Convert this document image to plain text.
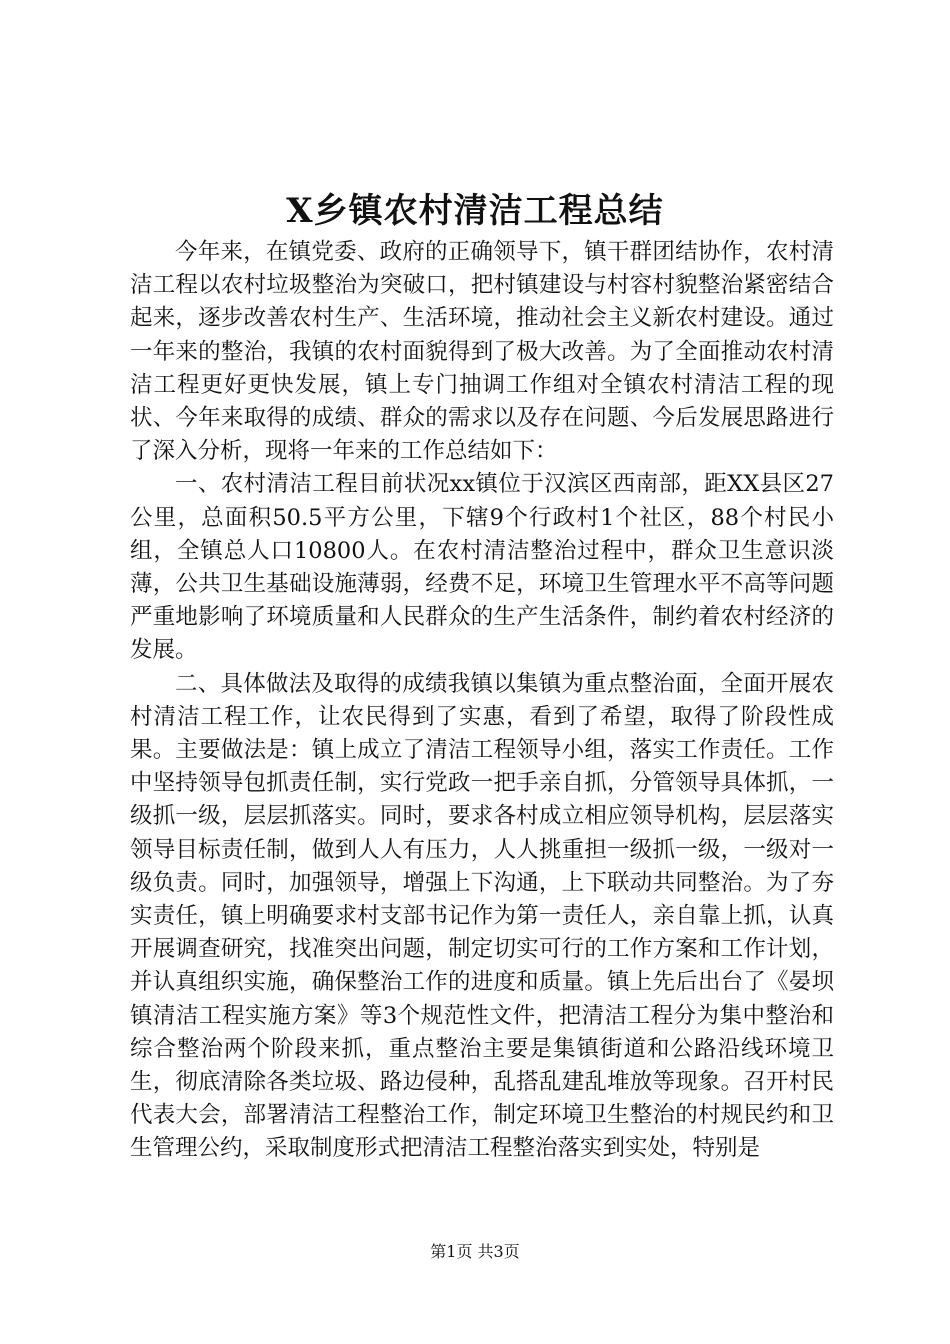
X乡镇农村清洁工程总结

今年来，在镇党委、政府的正确领导下，镇干群团结协作，农村清洁工程以农村垃圾整治为突破口，把村镇建设与村容村貌整治紧密结合起来，逐步改善农村生产、生活环境，推动社会主义新农村建设。通过一年来的整治，我镇的农村面貌得到了极大改善。为了全面推动农村清洁工程更好更快发展，镇上专门抽调工作组对全镇农村清洁工程的现状、今年来取得的成绩、群众的需求以及存在问题、今后发展思路进行了深入分析，现将一年来的工作总结如下：

一、农村清洁工程目前状况xx镇位于汉滨区西南部，距XX县区27公里，总面积50.5平方公里，下辖9个行政村1个社区，88个村民小组，全镇总人口10800人。在农村清洁整治过程中，群众卫生意识淡薄，公共卫生基础设施薄弱，经费不足，环境卫生管理水平不高等问题严重地影响了环境质量和人民群众的生产生活条件，制约着农村经济的发展。

二、具体做法及取得的成绩我镇以集镇为重点整治面，全面开展农村清洁工程工作，让农民得到了实惠，看到了希望，取得了阶段性成果。主要做法是：镇上成立了清洁工程领导小组，落实工作责任。工作中坚持领导包抓责任制，实行党政一把手亲自抓，分管领导具体抓，一级抓一级，层层抓落实。同时，要求各村成立相应领导机构，层层落实领导目标责任制，做到人人有压力，人人挑重担一级抓一级，一级对一级负责。同时，加强领导，增强上下沟通，上下联动共同整治。为了夯实责任，镇上明确要求村支部书记作为第一责任人，亲自靠上抓，认真开展调查研究，找准突出问题，制定切实可行的工作方案和工作计划，并认真组织实施，确保整治工作的进度和质量。镇上先后出台了《晏坝镇清洁工程实施方案》等3个规范性文件，把清洁工程分为集中整治和综合整治两个阶段来抓，重点整治主要是集镇街道和公路沿线环境卫生，彻底清除各类垃圾、路边侵种，乱搭乱建乱堆放等现象。召开村民代表大会，部署清洁工程整治工作，制定环境卫生整治的村规民约和卫生管理公约，采取制度形式把清洁工程整治落实到实处，特别是

第1页 共3页
